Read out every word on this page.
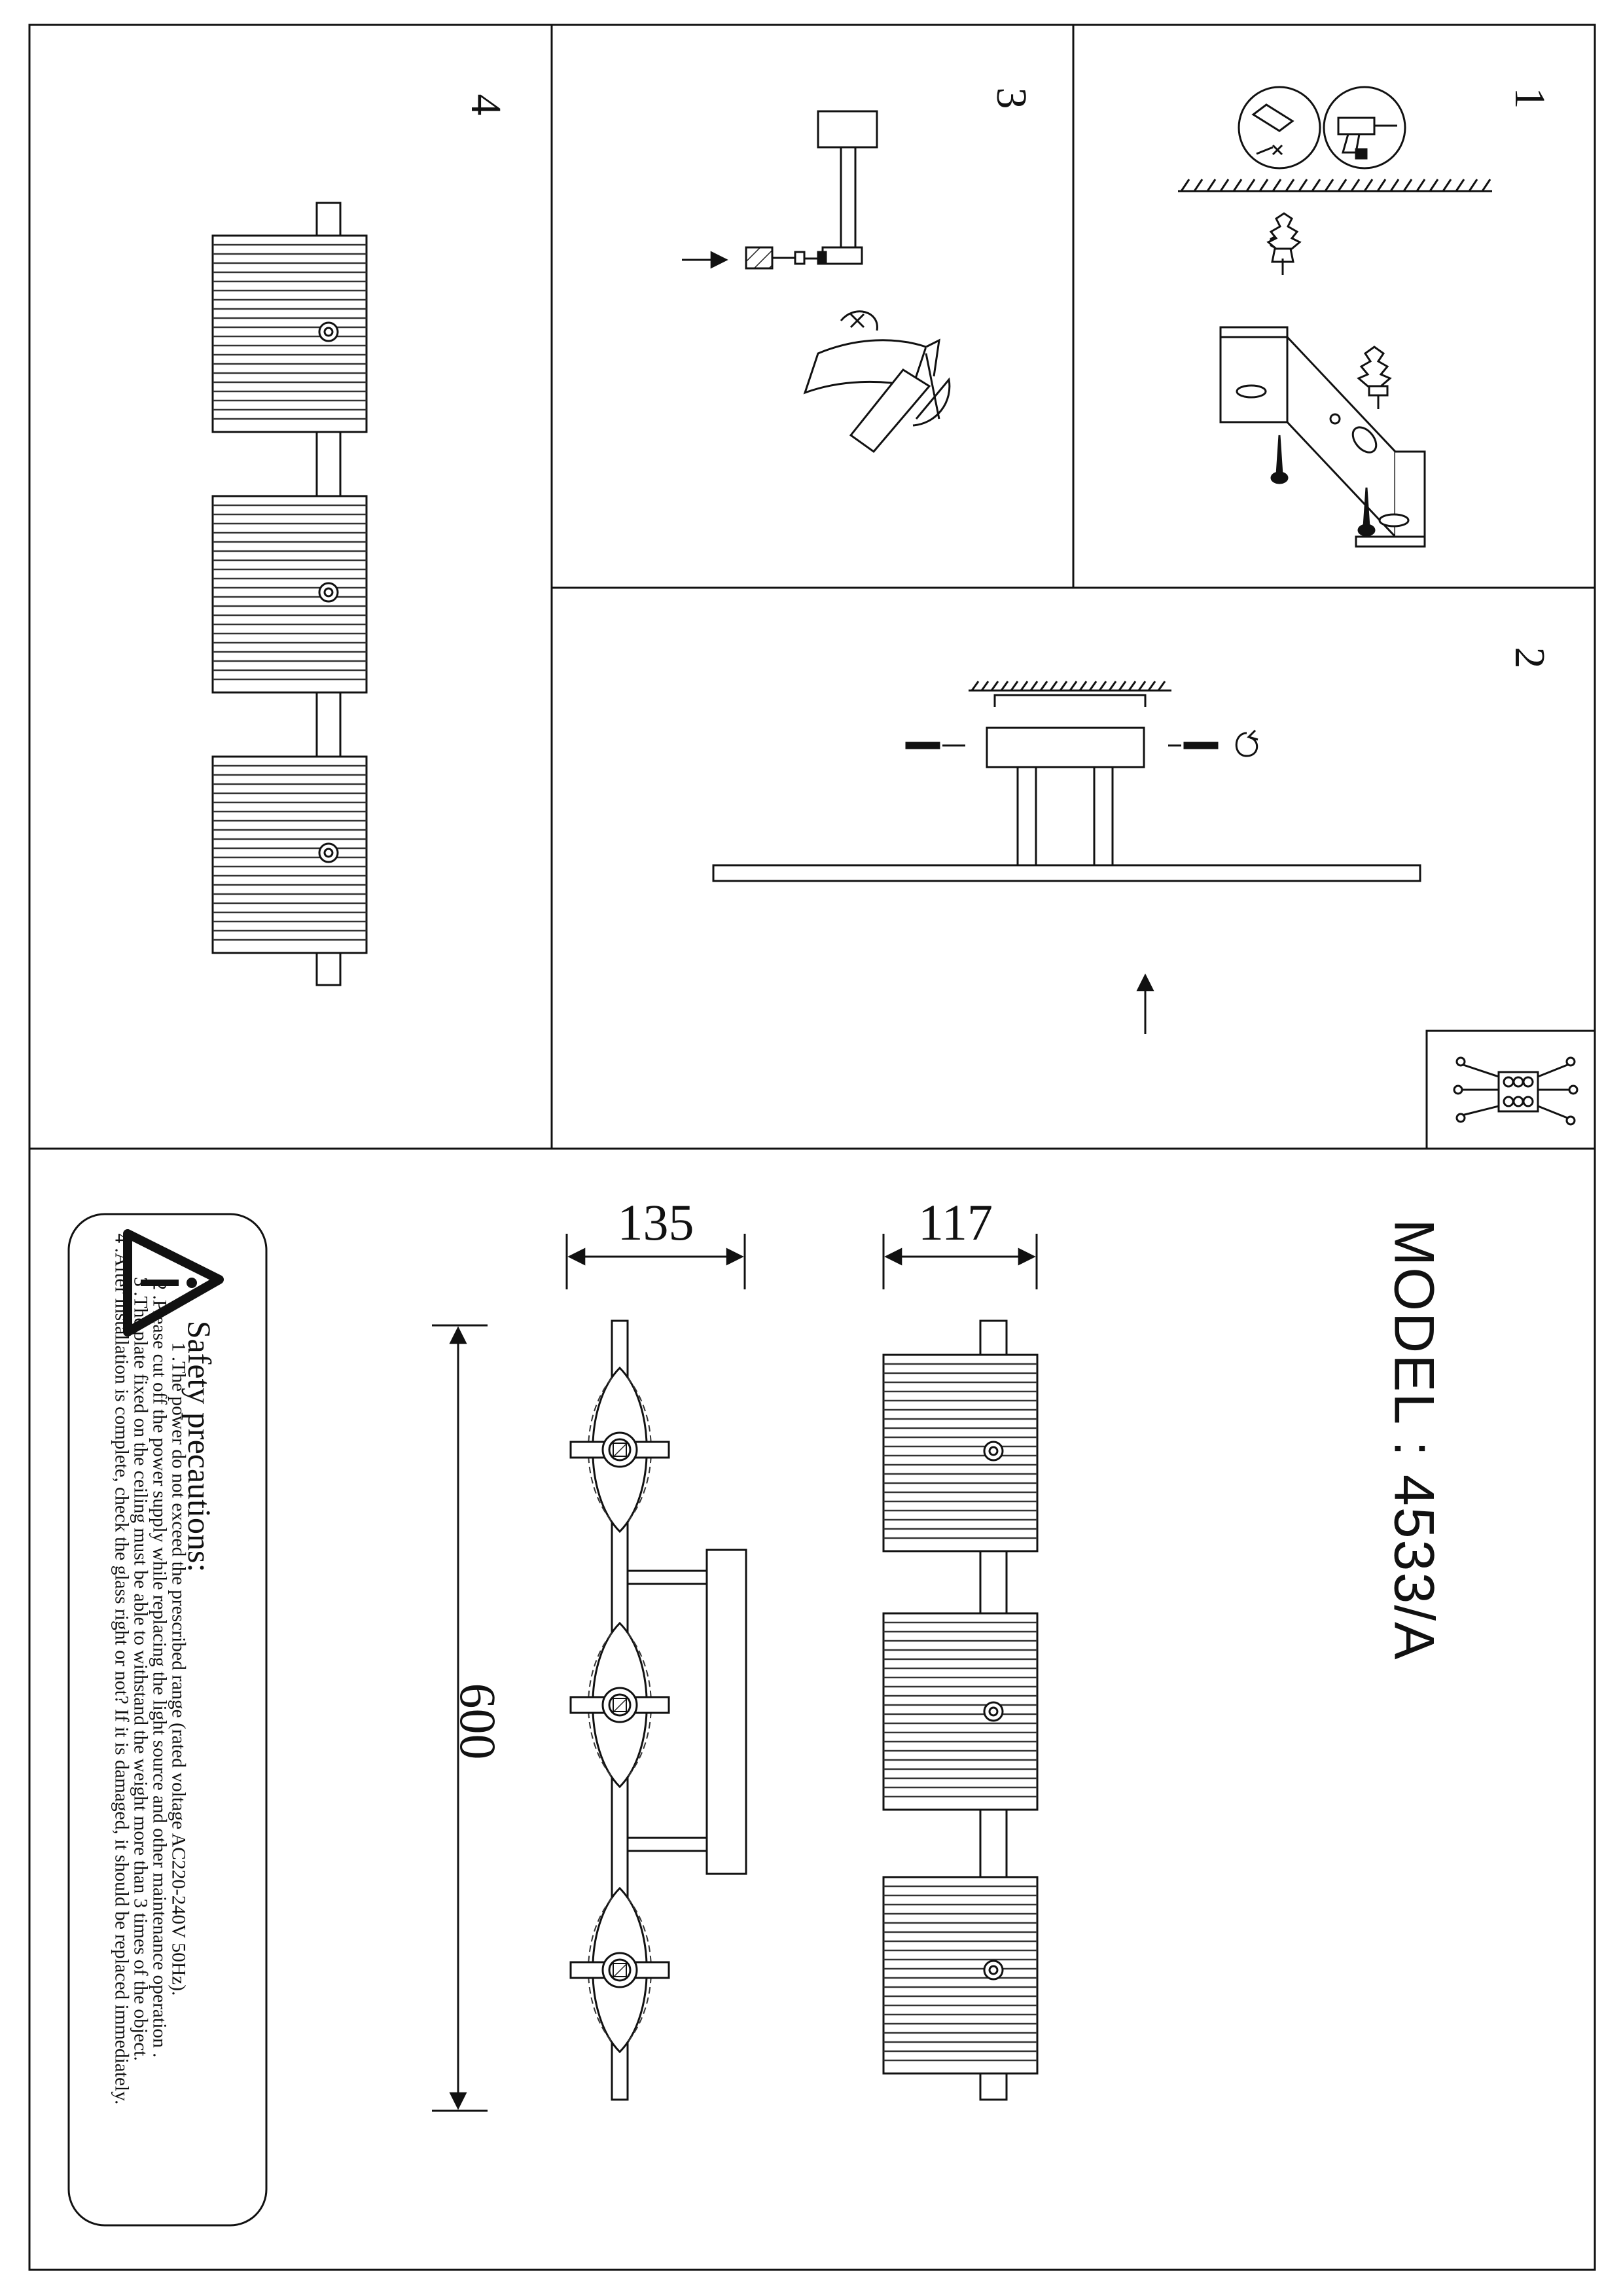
MODEL : 4533/A
1
2
3
4
135	117
600
Safety precautions:
1 .The power do not exceed the prescribed range (rated voltage AC220-240V 50Hz).
2 .Please cut off the power supply while replacing the light source and other maintenance operation .
3 .The plate fixed on the ceiling must be able to withstand the weight more than 3 times of the object.
4 .After installation is complete, check the glass right or not? If it is damaged, it should be replaced immediately.
